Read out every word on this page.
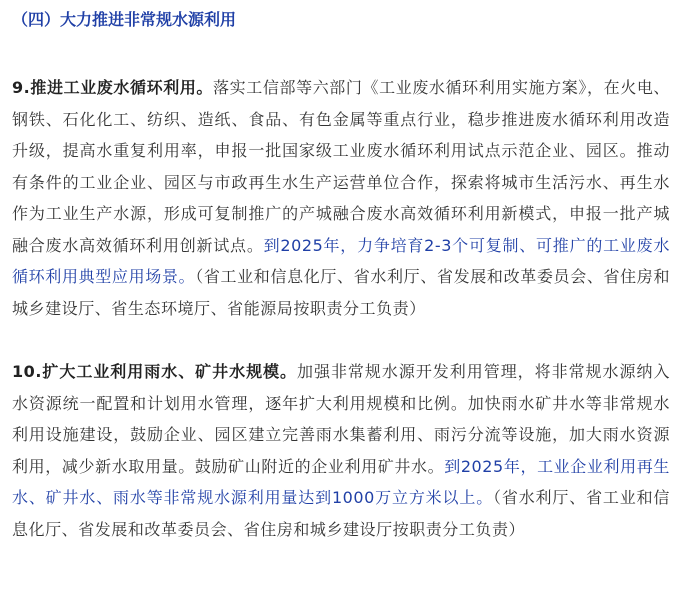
（四）大力推进非常规水源利用

9.推进工业废水循环利用。落实工信部等六部门《工业废水循环利用实施方案》，在火电、钢铁、石化化工、纺织、造纸、食品、有色金属等重点行业，稳步推进废水循环利用改造升级，提高水重复利用率，申报一批国家级工业废水循环利用试点示范企业、园区。推动有条件的工业企业、园区与市政再生水生产运营单位合作，探索将城市生活污水、再生水作为工业生产水源，形成可复制推广的产城融合废水高效循环利用新模式，申报一批产城融合废水高效循环利用创新试点。到2025年，力争培育2-3个可复制、可推广的工业废水循环利用典型应用场景。（省工业和信息化厅、省水利厅、省发展和改革委员会、省住房和城乡建设厅、省生态环境厅、省能源局按职责分工负责）

10.扩大工业利用雨水、矿井水规模。加强非常规水源开发利用管理，将非常规水源纳入水资源统一配置和计划用水管理，逐年扩大利用规模和比例。加快雨水矿井水等非常规水利用设施建设，鼓励企业、园区建立完善雨水集蓄利用、雨污分流等设施，加大雨水资源利用，减少新水取用量。鼓励矿山附近的企业利用矿井水。到2025年，工业企业利用再生水、矿井水、雨水等非常规水源利用量达到1000万立方米以上。（省水利厅、省工业和信息化厅、省发展和改革委员会、省住房和城乡建设厅按职责分工负责）
